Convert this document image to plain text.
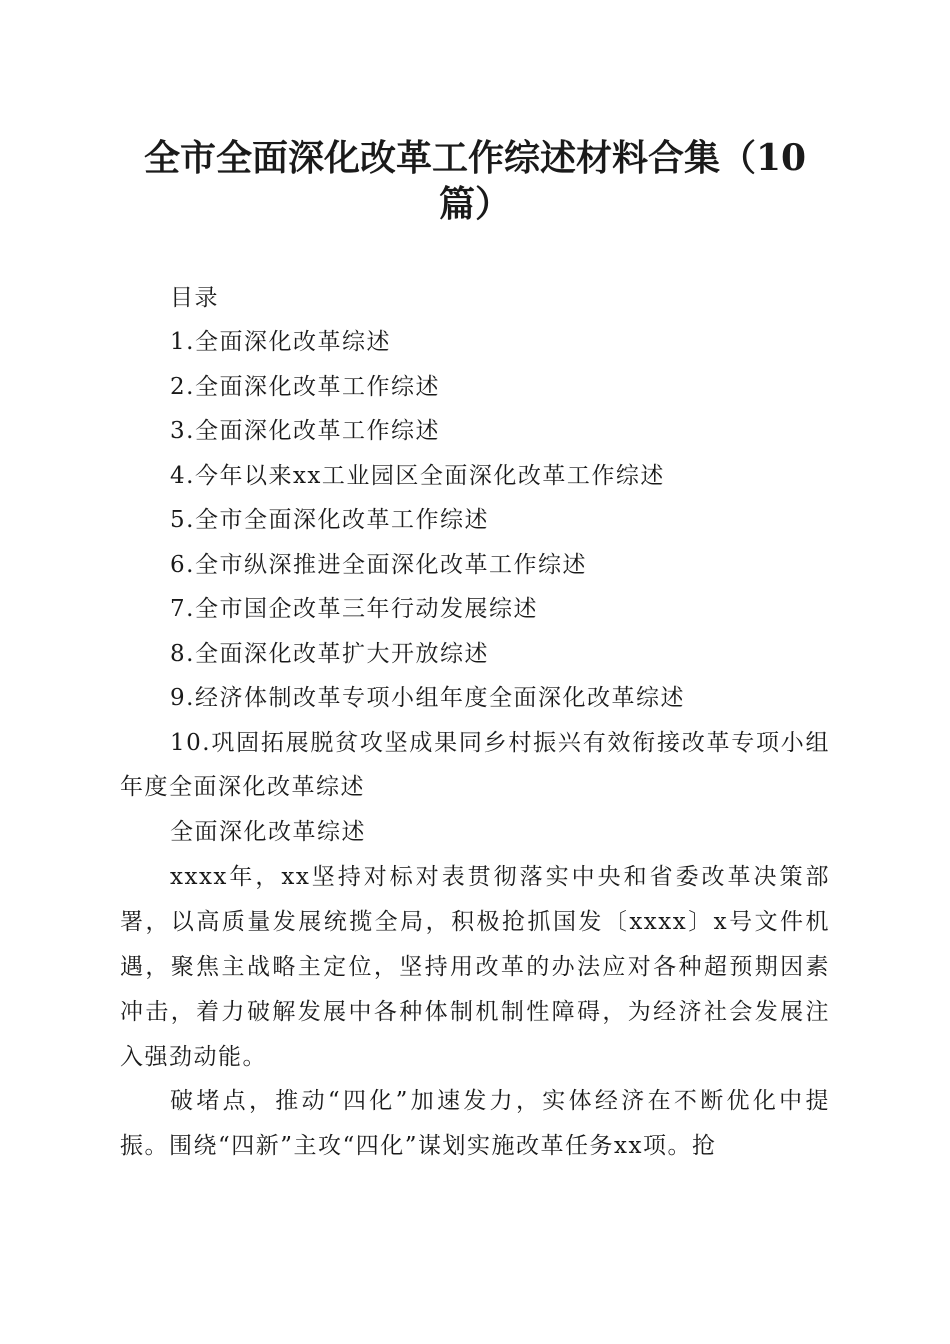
全市全面深化改革工作综述材料合集（10篇）
目录
1.全面深化改革综述
2.全面深化改革工作综述
3.全面深化改革工作综述
4.今年以来xx工业园区全面深化改革工作综述
5.全市全面深化改革工作综述
6.全市纵深推进全面深化改革工作综述
7.全市国企改革三年行动发展综述
8.全面深化改革扩大开放综述
9.经济体制改革专项小组年度全面深化改革综述
10.巩固拓展脱贫攻坚成果同乡村振兴有效衔接改革专项小组年度全面深化改革综述
全面深化改革综述
xxxx年，xx坚持对标对表贯彻落实中央和省委改革决策部署，以高质量发展统揽全局，积极抢抓国发〔xxxx〕x号文件机遇，聚焦主战略主定位，坚持用改革的办法应对各种超预期因素冲击，着力破解发展中各种体制机制性障碍，为经济社会发展注入强劲动能。
破堵点，推动“四化”加速发力，实体经济在不断优化中提振。围绕“四新”主攻“四化”谋划实施改革任务xx项。抢
